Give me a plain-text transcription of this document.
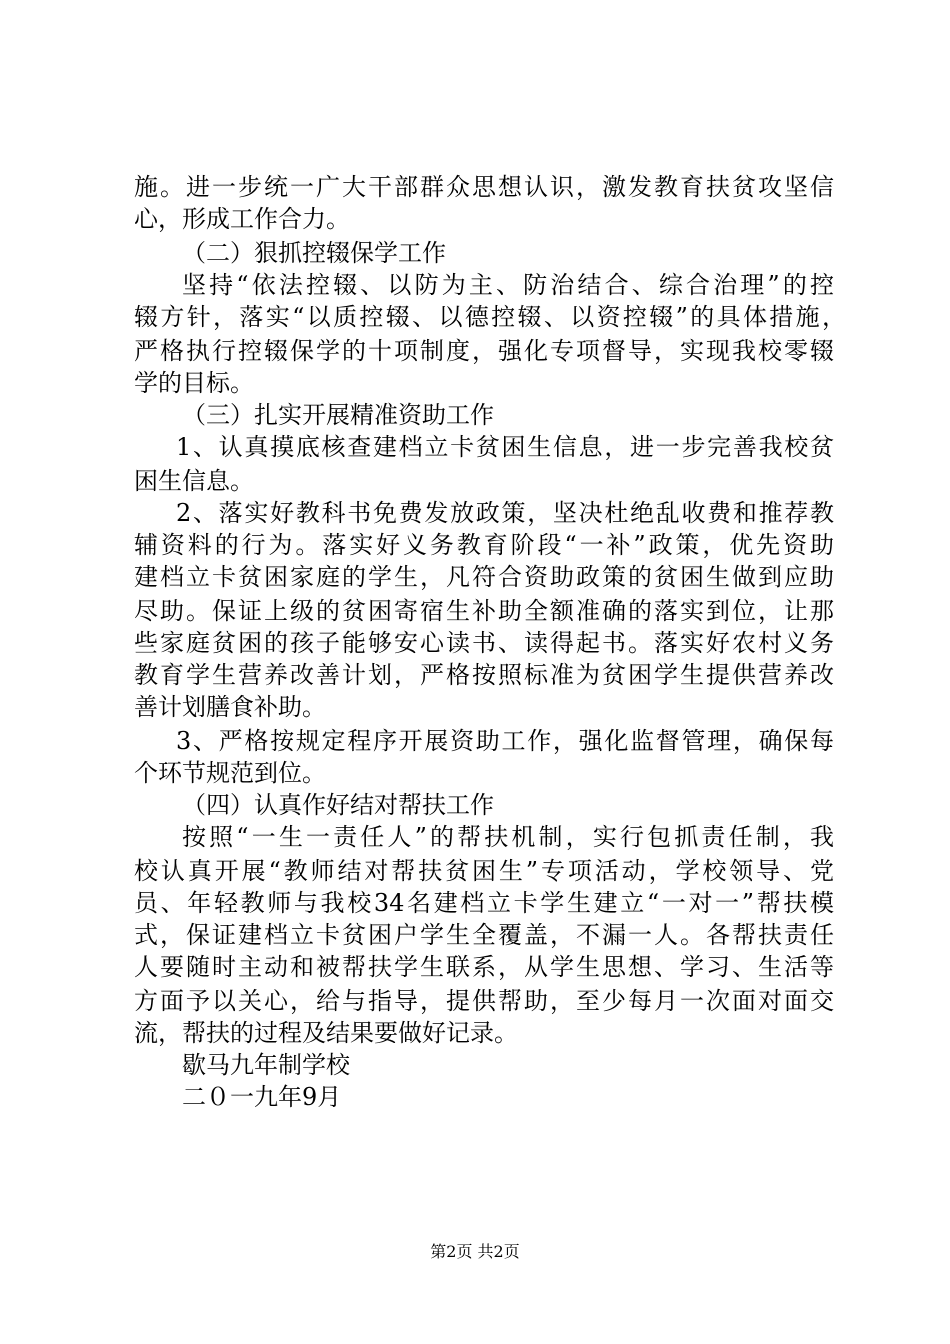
施。进一步统一广大干部群众思想认识，激发教育扶贫攻坚信
心，形成工作合力。
（二）狠抓控辍保学工作
坚持“依法控辍、以防为主、防治结合、综合治理”的控
辍方针，落实“以质控辍、以德控辍、以资控辍”的具体措施，
严格执行控辍保学的十项制度，强化专项督导，实现我校零辍
学的目标。
（三）扎实开展精准资助工作
1、认真摸底核查建档立卡贫困生信息，进一步完善我校贫
困生信息。
2、落实好教科书免费发放政策，坚决杜绝乱收费和推荐教
辅资料的行为。落实好义务教育阶段“一补”政策，优先资助
建档立卡贫困家庭的学生，凡符合资助政策的贫困生做到应助
尽助。保证上级的贫困寄宿生补助全额准确的落实到位，让那
些家庭贫困的孩子能够安心读书、读得起书。落实好农村义务
教育学生营养改善计划，严格按照标准为贫困学生提供营养改
善计划膳食补助。
3、严格按规定程序开展资助工作，强化监督管理，确保每
个环节规范到位。
（四）认真作好结对帮扶工作
按照“一生一责任人”的帮扶机制，实行包抓责任制，我
校认真开展“教师结对帮扶贫困生”专项活动，学校领导、党
员、年轻教师与我校34名建档立卡学生建立“一对一”帮扶模
式，保证建档立卡贫困户学生全覆盖，不漏一人。各帮扶责任
人要随时主动和被帮扶学生联系，从学生思想、学习、生活等
方面予以关心，给与指导，提供帮助，至少每月一次面对面交
流，帮扶的过程及结果要做好记录。
歇马九年制学校
二０一九年9月
第2页 共2页
